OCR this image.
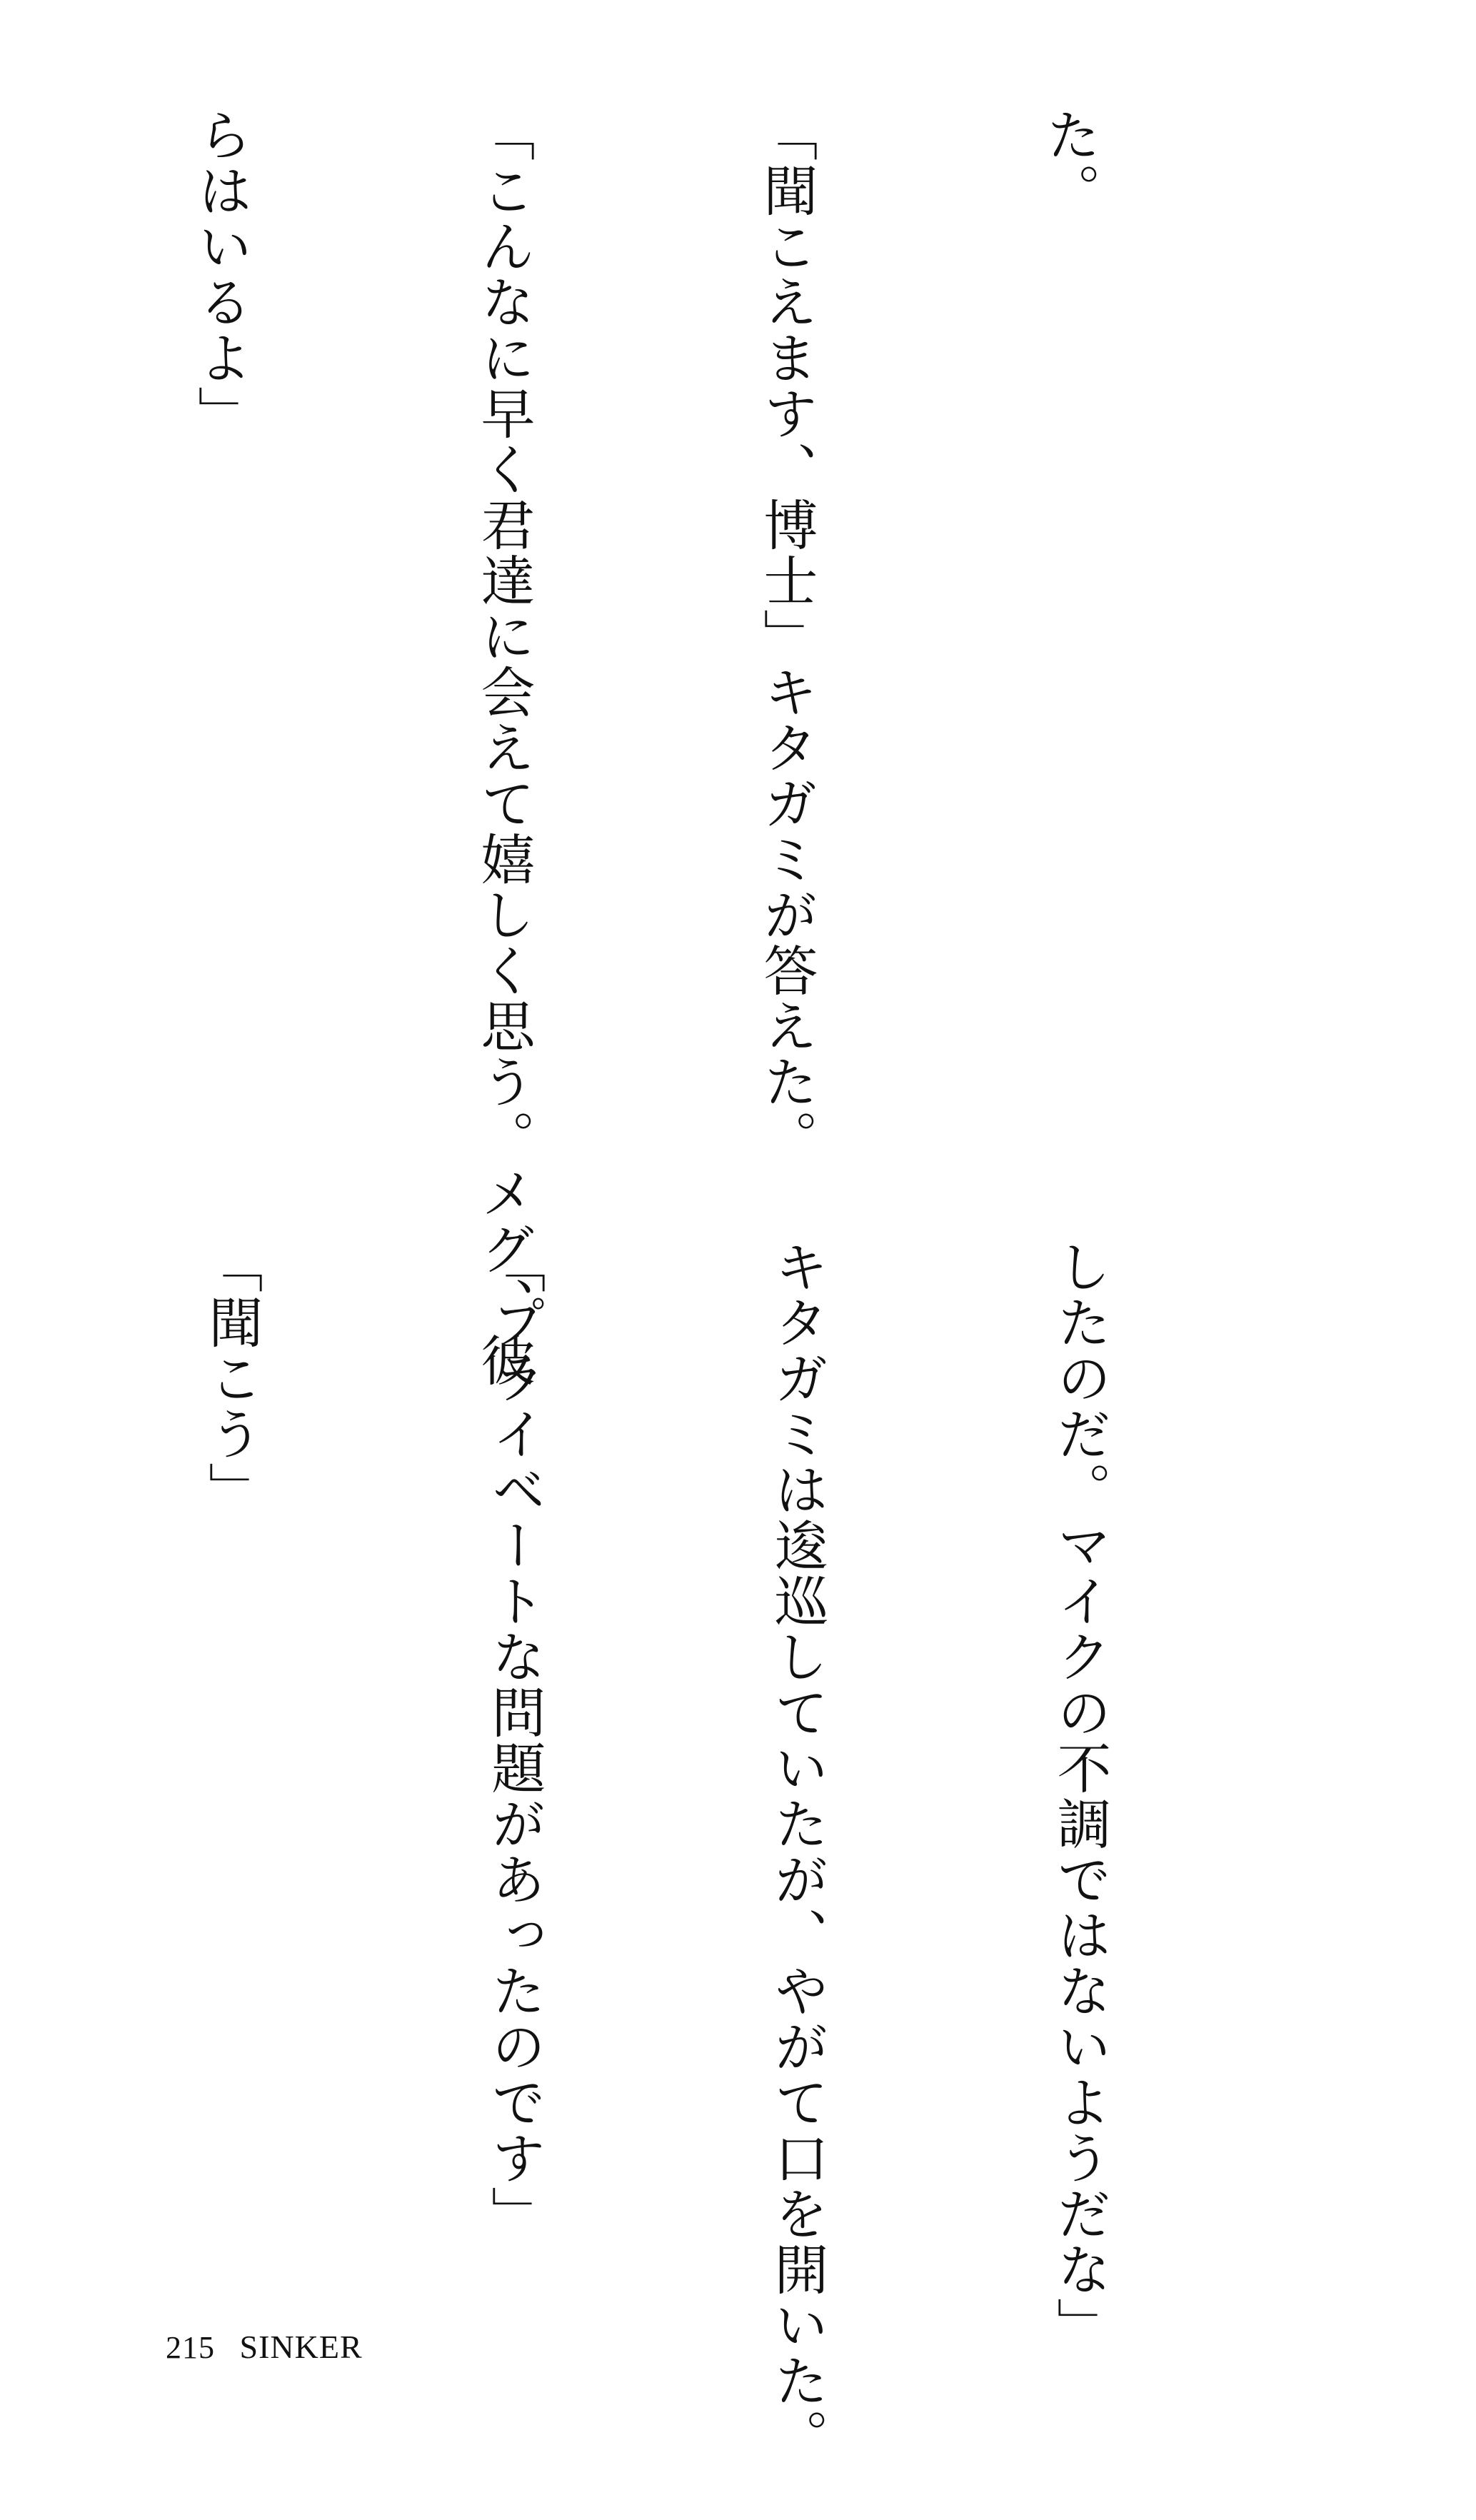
た。

「聞こえます、博士」キタガミが答えた。

「こんなに早く君達に会えて嬉しく思う。メグ、彼

らはいるよ」

したのだ。マイクの不調ではないようだな」

キタガミは逡巡していたが、やがて口を開いた。

「プライベートな問題があったのです」

「聞こう」

215 SINKER
